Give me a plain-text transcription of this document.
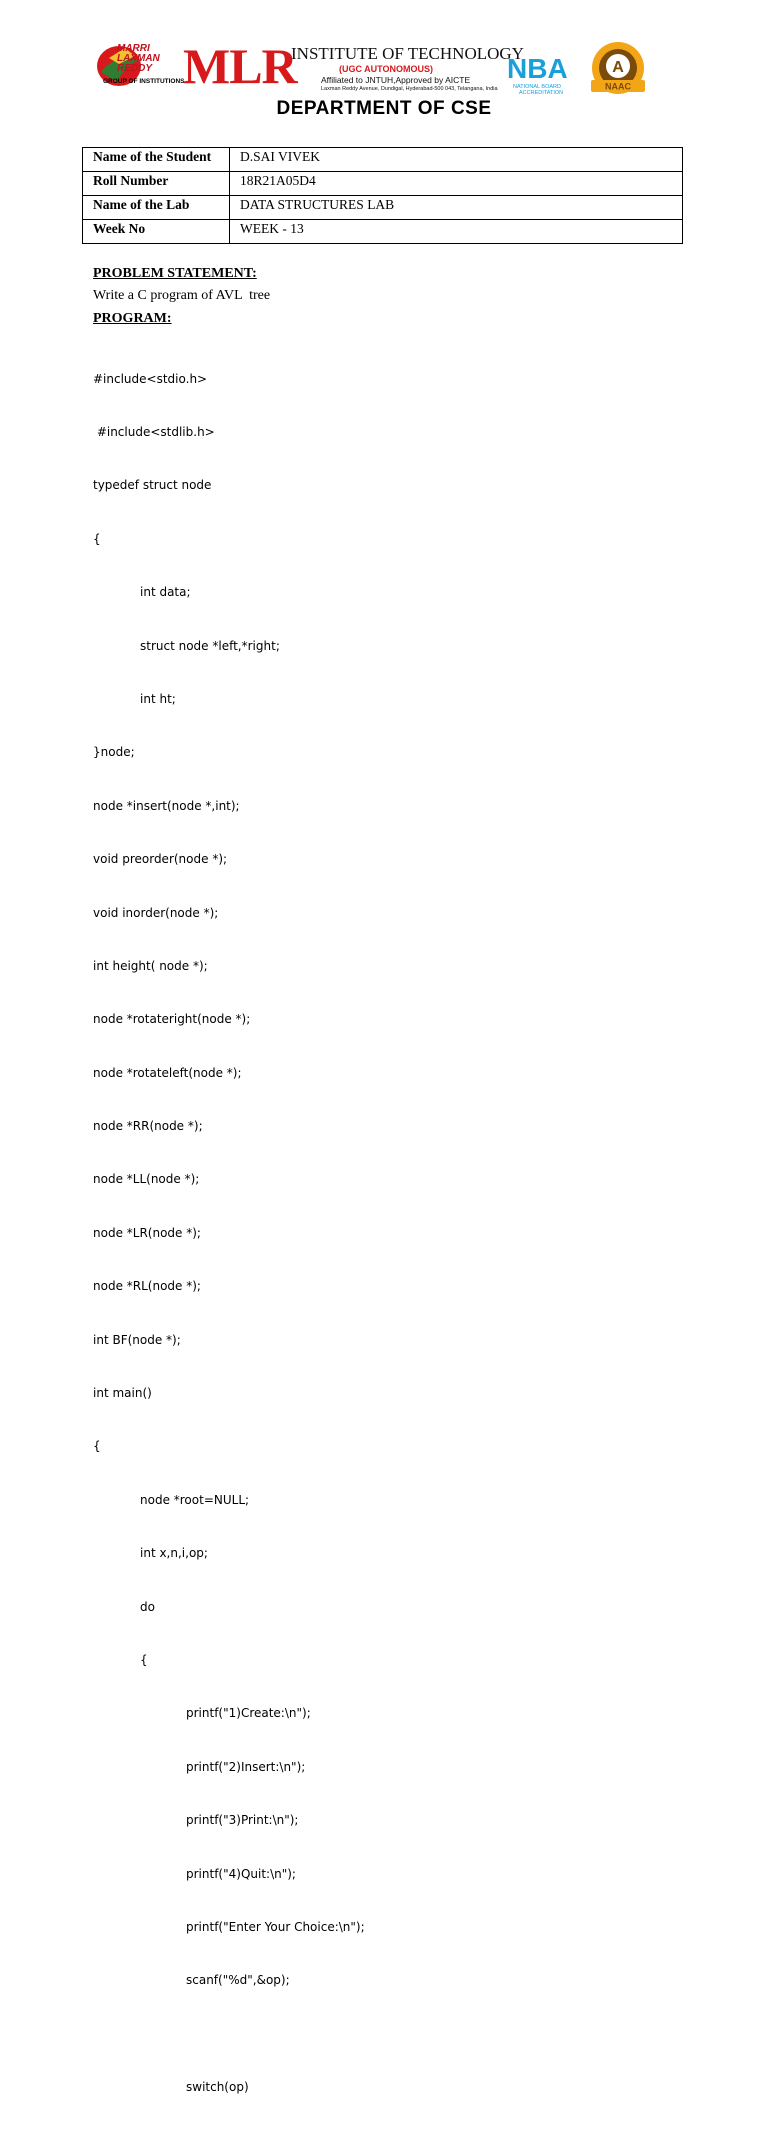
MARRI
LAXMAN
REDDY
GROUP OF INSTITUTIONS
MLR
INSTITUTE OF TECHNOLOGY
(UGC AUTONOMOUS)
Affiliated to JNTUH,Approved by AICTE
Laxman Reddy Avenue, Dundigal, Hyderabad-500 043, Telangana, India
NBA
NATIONAL BOARD
ACCREDITATION
A
NAAC
DEPARTMENT OF CSE
Name of the Student	D.SAI VIVEK
Roll Number	18R21A05D4
Name of the Lab	DATA STRUCTURES LAB
Week No	WEEK - 13
PROBLEM STATEMENT:
Write a C program of AVL  tree
PROGRAM:

#include<stdio.h>

#include<stdlib.h>

typedef struct node

{

int data;

struct node *left,*right;

int ht;

}node;

node *insert(node *,int);

void preorder(node *);

void inorder(node *);

int height( node *);

node *rotateright(node *);

node *rotateleft(node *);

node *RR(node *);

node *LL(node *);

node *LR(node *);

node *RL(node *);

int BF(node *);

int main()

{

node *root=NULL;

int x,n,i,op;

do

{

printf("1)Create:\n");

printf("2)Insert:\n");

printf("3)Print:\n");

printf("4)Quit:\n");

printf("Enter Your Choice:\n");

scanf("%d",&op);

switch(op)
